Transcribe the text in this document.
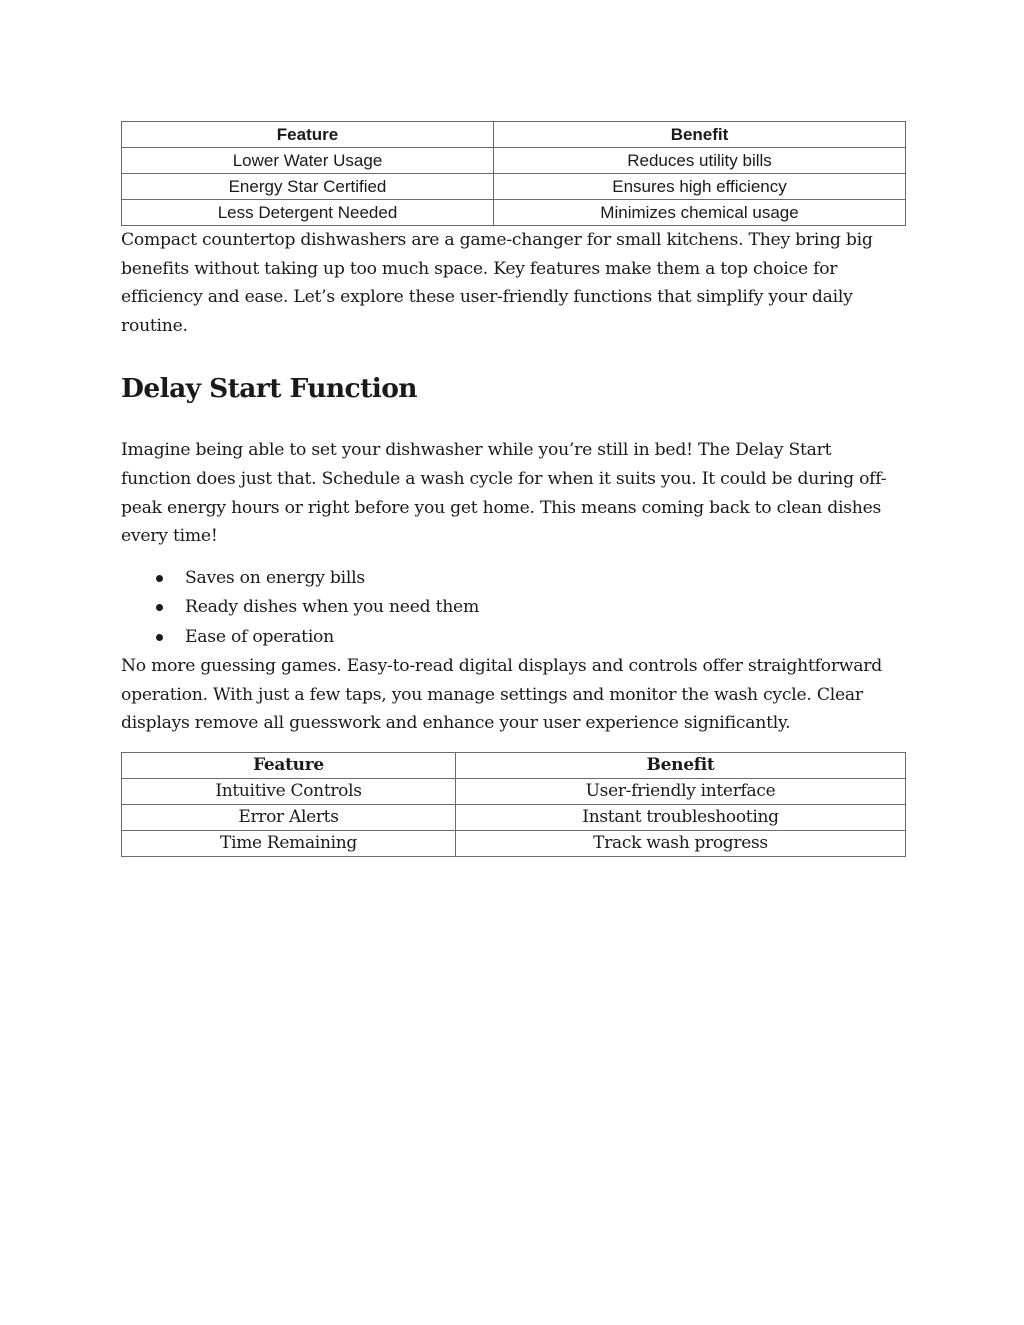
Feature	Benefit
Lower Water Usage	Reduces utility bills
Energy Star Certified	Ensures high efficiency
Less Detergent Needed	Minimizes chemical usage

Compact countertop dishwashers are a game-changer for small kitchens. They bring big benefits without taking up too much space. Key features make them a top choice for efficiency and ease. Let’s explore these user-friendly functions that simplify your daily routine.

Delay Start Function

Imagine being able to set your dishwasher while you’re still in bed! The Delay Start function does just that. Schedule a wash cycle for when it suits you. It could be during off-peak energy hours or right before you get home. This means coming back to clean dishes every time!

Saves on energy bills
Ready dishes when you need them
Ease of operation

No more guessing games. Easy-to-read digital displays and controls offer straightforward operation. With just a few taps, you manage settings and monitor the wash cycle. Clear displays remove all guesswork and enhance your user experience significantly.

Feature	Benefit
Intuitive Controls	User-friendly interface
Error Alerts	Instant troubleshooting
Time Remaining	Track wash progress
